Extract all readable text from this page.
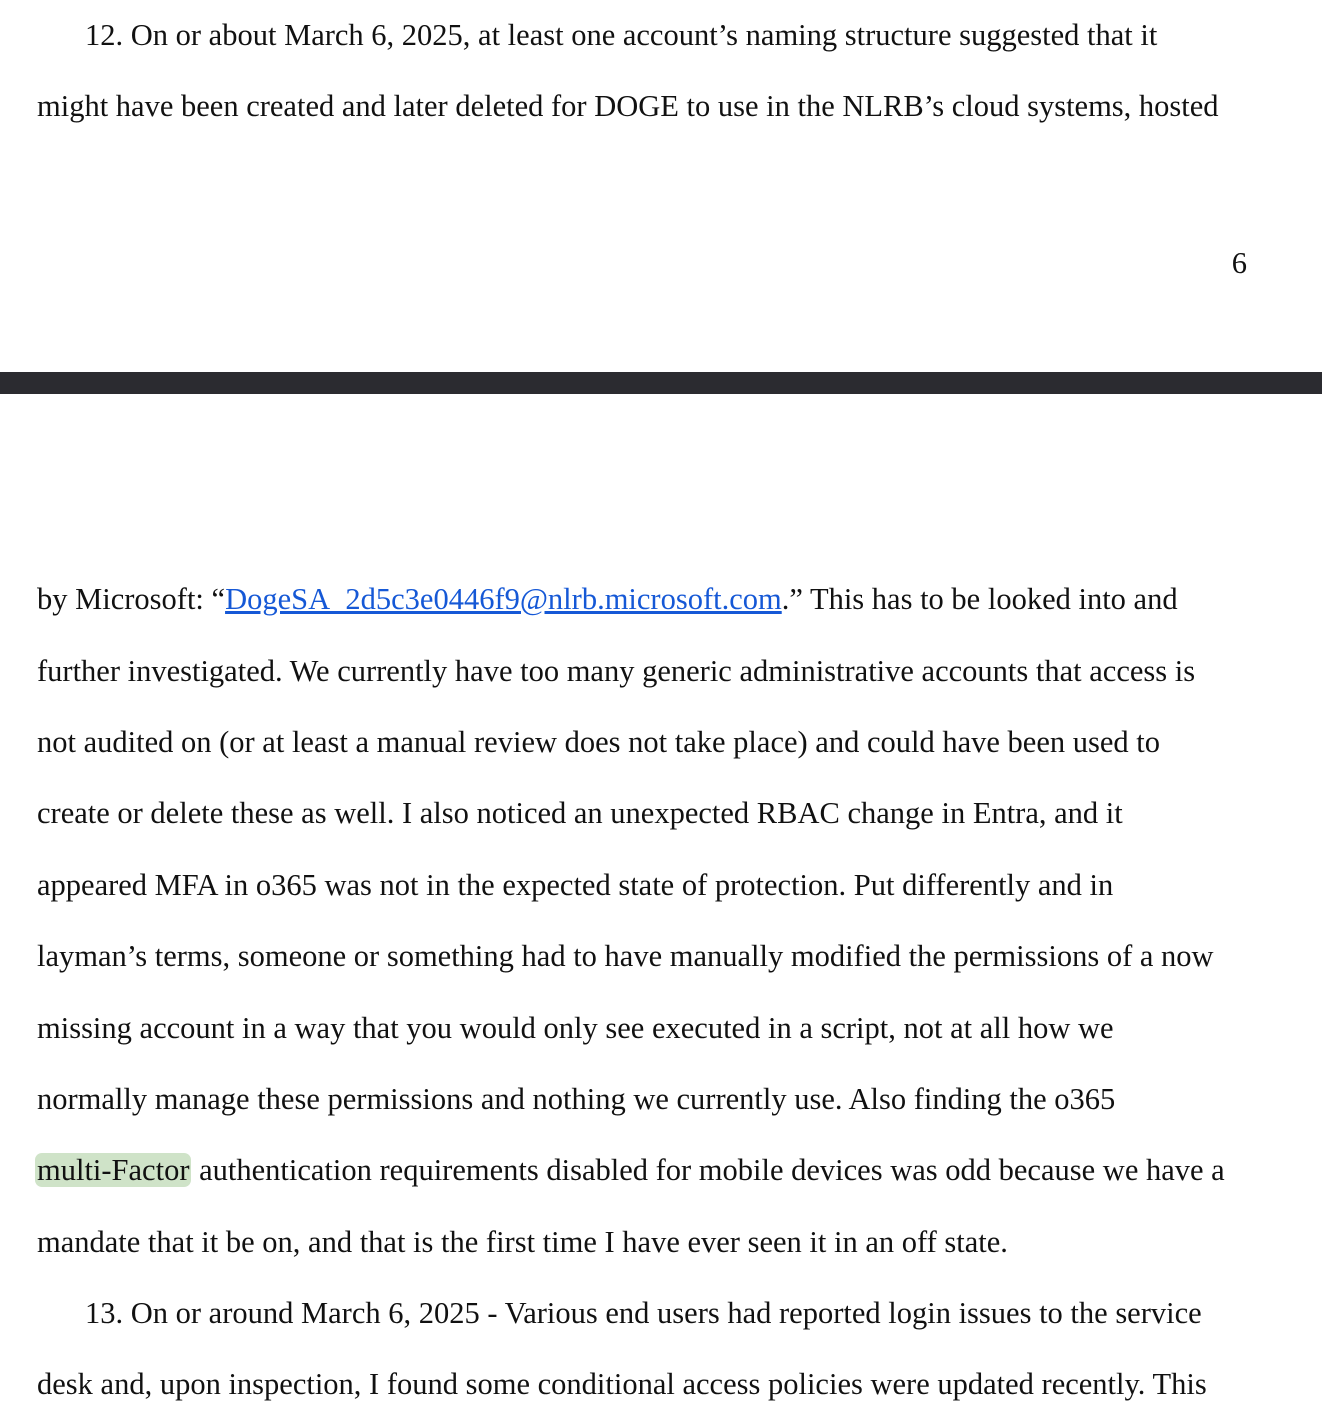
12. On or about March 6, 2025, at least one account’s naming structure suggested that it
might have been created and later deleted for DOGE to use in the NLRB’s cloud systems, hosted
6
by Microsoft: “DogeSA_2d5c3e0446f9@nlrb.microsoft.com.” This has to be looked into and
further investigated. We currently have too many generic administrative accounts that access is
not audited on (or at least a manual review does not take place) and could have been used to
create or delete these as well. I also noticed an unexpected RBAC change in Entra, and it
appeared MFA in o365 was not in the expected state of protection. Put differently and in
layman’s terms, someone or something had to have manually modified the permissions of a now
missing account in a way that you would only see executed in a script, not at all how we
normally manage these permissions and nothing we currently use. Also finding the o365
multi-Factor authentication requirements disabled for mobile devices was odd because we have a
mandate that it be on, and that is the first time I have ever seen it in an off state.
13. On or around March 6, 2025 - Various end users had reported login issues to the service
desk and, upon inspection, I found some conditional access policies were updated recently. This
